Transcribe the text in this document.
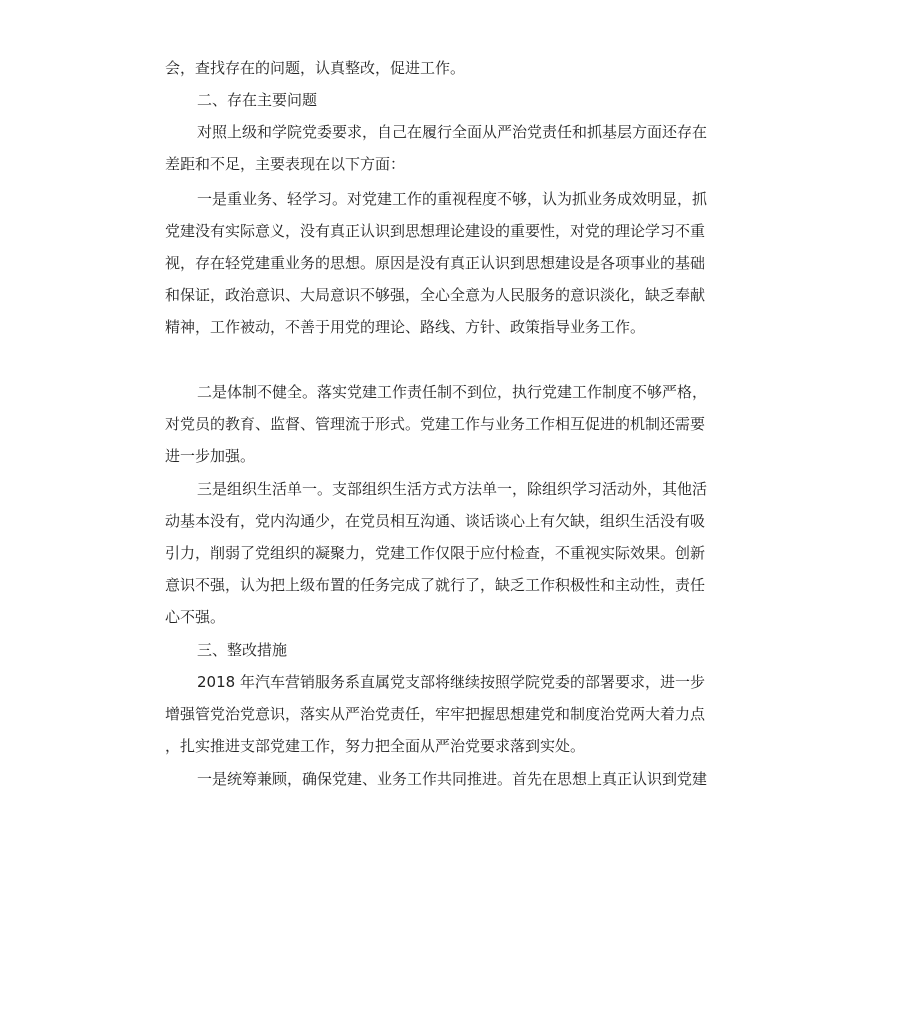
会，查找存在的问题，认真整改，促进工作。
二、存在主要问题
对照上级和学院党委要求，自己在履行全面从严治党责任和抓基层方面还存在
差距和不足，主要表现在以下方面：
一是重业务、轻学习。对党建工作的重视程度不够，认为抓业务成效明显，抓
党建没有实际意义，没有真正认识到思想理论建设的重要性，对党的理论学习不重
视，存在轻党建重业务的思想。原因是没有真正认识到思想建设是各项事业的基础
和保证，政治意识、大局意识不够强，全心全意为人民服务的意识淡化，缺乏奉献
精神，工作被动，不善于用党的理论、路线、方针、政策指导业务工作。
二是体制不健全。落实党建工作责任制不到位，执行党建工作制度不够严格，
对党员的教育、监督、管理流于形式。党建工作与业务工作相互促进的机制还需要
进一步加强。
三是组织生活单一。支部组织生活方式方法单一，除组织学习活动外，其他活
动基本没有，党内沟通少，在党员相互沟通、谈话谈心上有欠缺，组织生活没有吸
引力，削弱了党组织的凝聚力，党建工作仅限于应付检查，不重视实际效果。创新
意识不强，认为把上级布置的任务完成了就行了，缺乏工作积极性和主动性，责任
心不强。
三、整改措施
2018 年汽车营销服务系直属党支部将继续按照学院党委的部署要求，进一步
增强管党治党意识，落实从严治党责任，牢牢把握思想建党和制度治党两大着力点
，扎实推进支部党建工作，努力把全面从严治党要求落到实处。
一是统筹兼顾，确保党建、业务工作共同推进。首先在思想上真正认识到党建
